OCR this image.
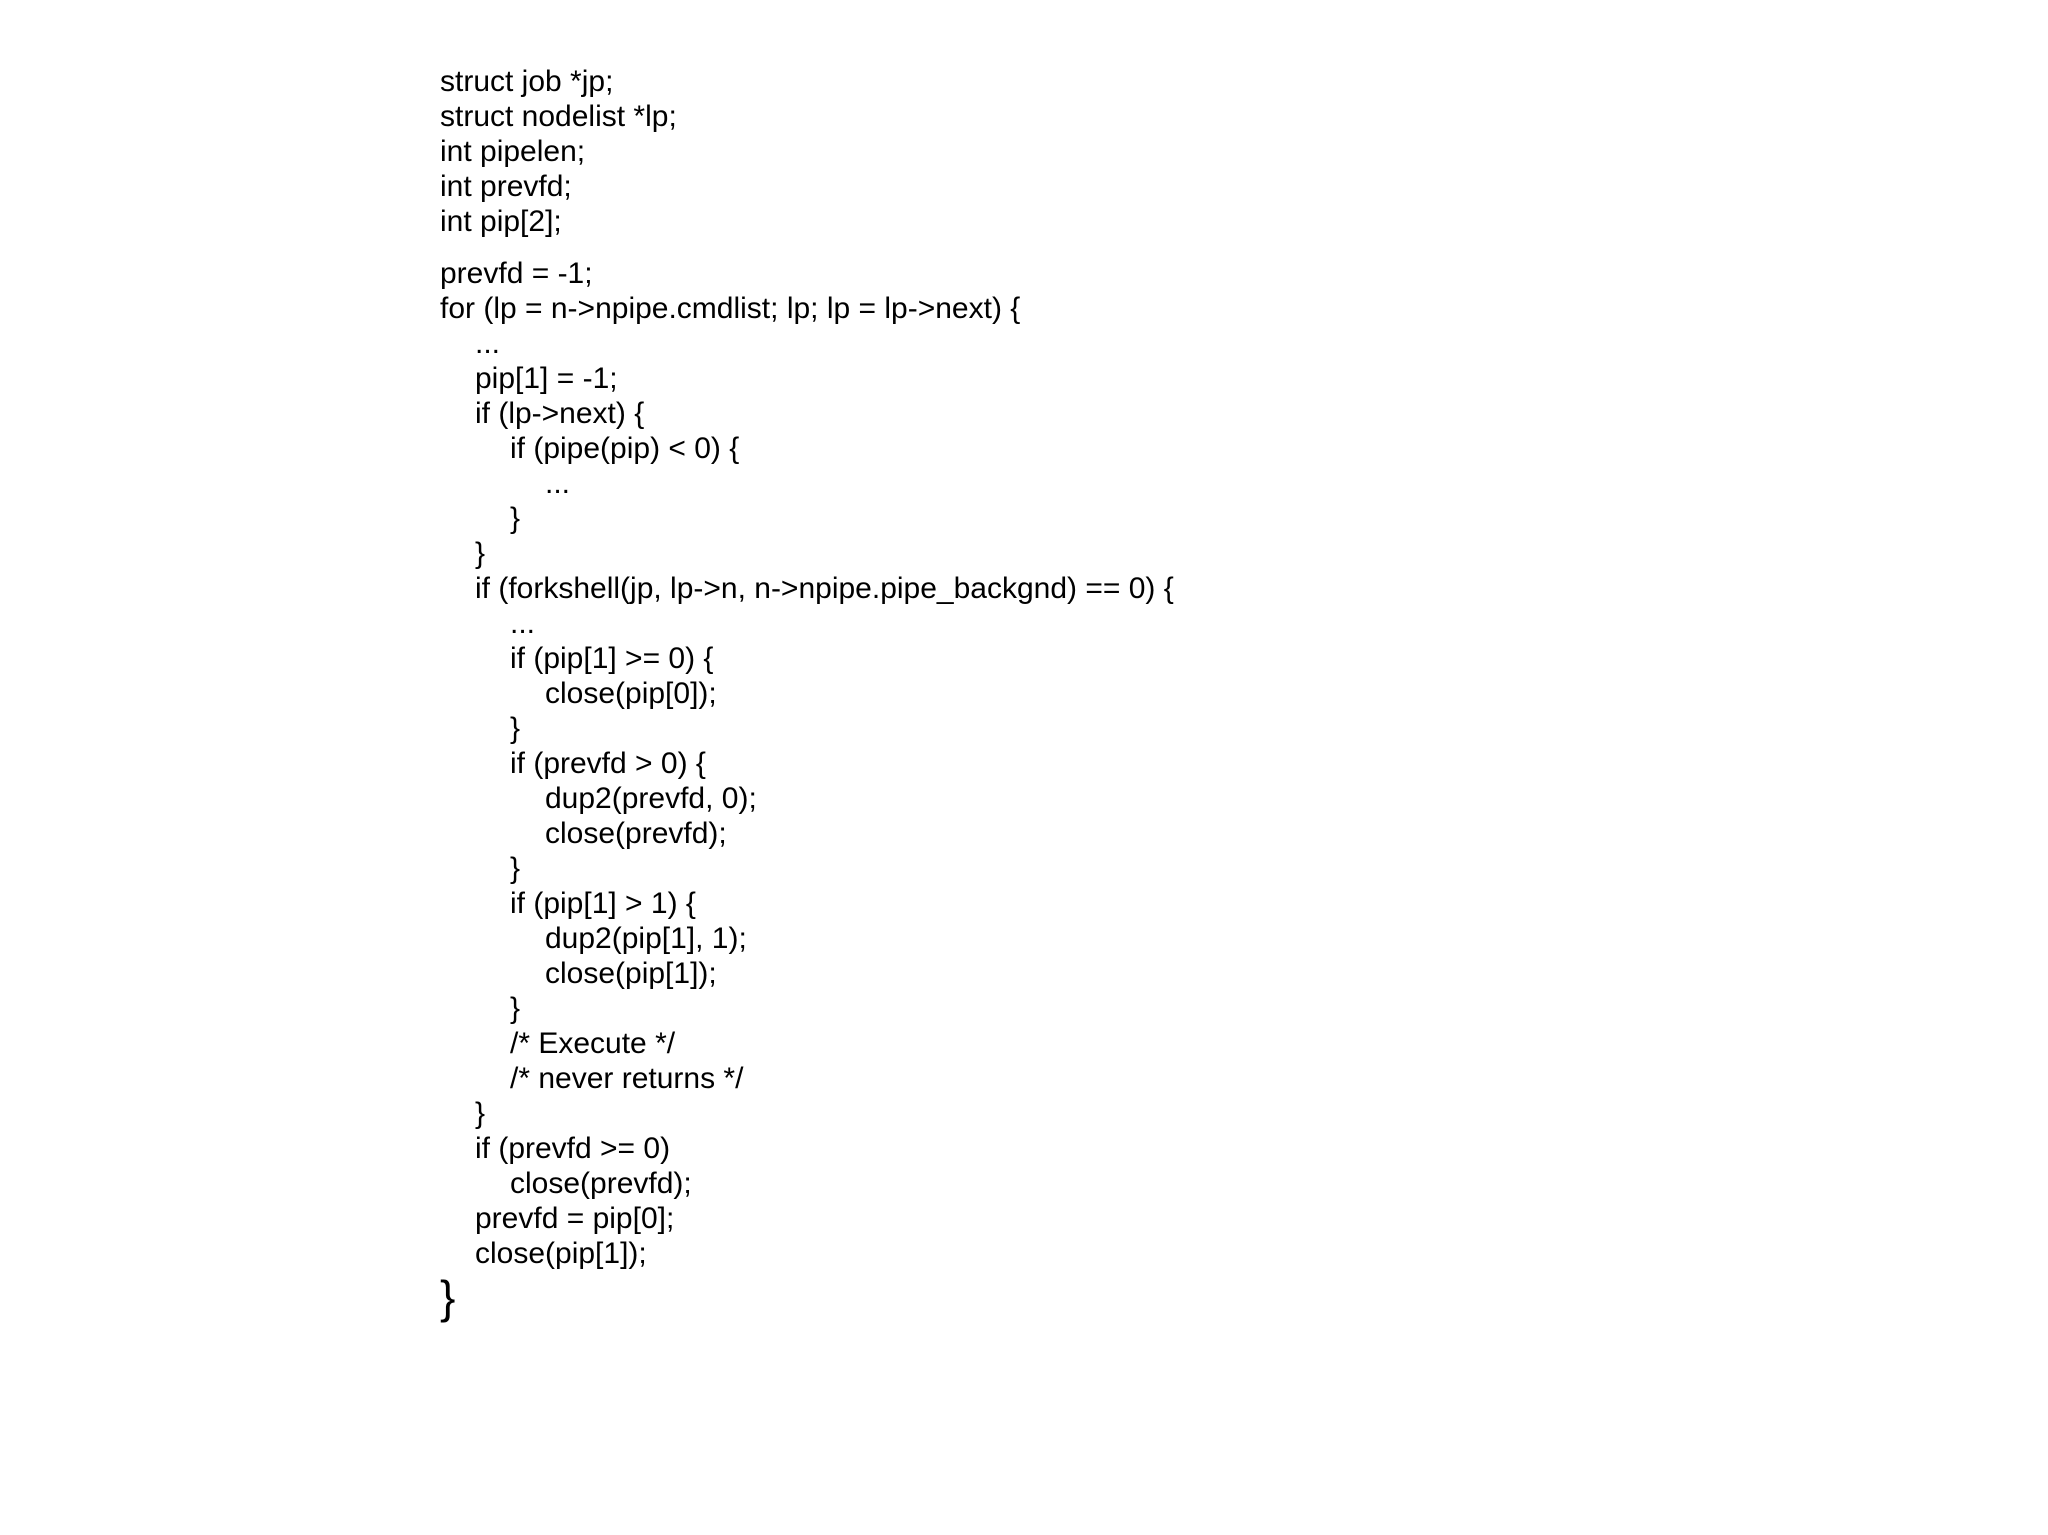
struct job *jp;
struct nodelist *lp;
int pipelen;
int prevfd;
int pip[2];
prevfd = -1;
for (lp = n->npipe.cmdlist; lp; lp = lp->next) {
...
pip[1] = -1;
if (lp->next) {
if (pipe(pip) < 0) {
...
}
}
if (forkshell(jp, lp->n, n->npipe.pipe_backgnd) == 0) {
...
if (pip[1] >= 0) {
close(pip[0]);
}
if (prevfd > 0) {
dup2(prevfd, 0);
close(prevfd);
}
if (pip[1] > 1) {
dup2(pip[1], 1);
close(pip[1]);
}
/* Execute */
/* never returns */
}
if (prevfd >= 0)
close(prevfd);
prevfd = pip[0];
close(pip[1]);
}
